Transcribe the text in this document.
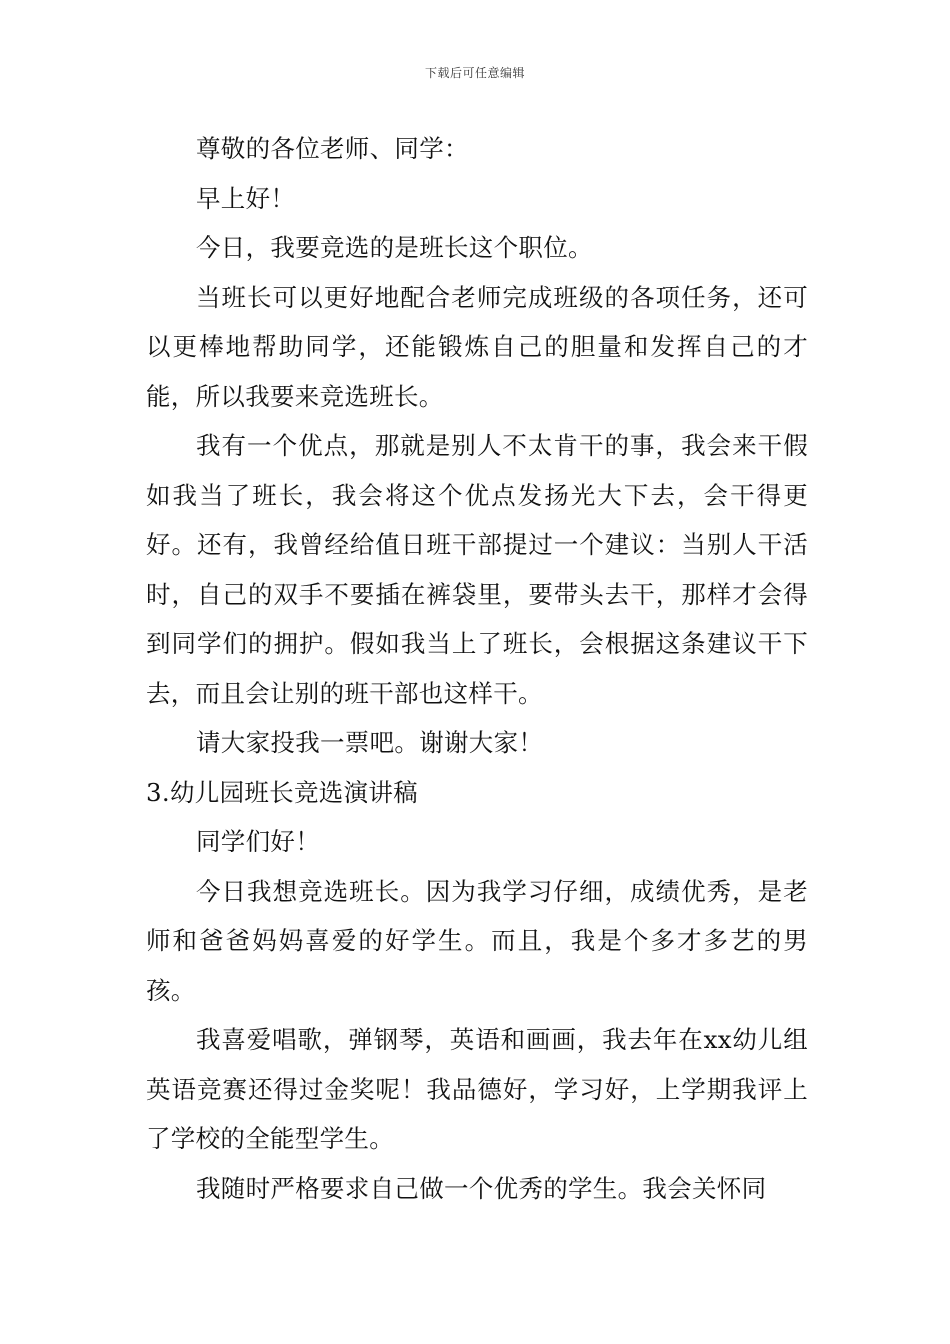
下载后可任意编辑

尊敬的各位老师、同学：

早上好！

今日，我要竞选的是班长这个职位。

当班长可以更好地配合老师完成班级的各项任务，还可以更棒地帮助同学，还能锻炼自己的胆量和发挥自己的才能，所以我要来竞选班长。

我有一个优点，那就是别人不太肯干的事，我会来干假如我当了班长，我会将这个优点发扬光大下去，会干得更好。还有，我曾经给值日班干部提过一个建议：当别人干活时，自己的双手不要插在裤袋里，要带头去干，那样才会得到同学们的拥护。假如我当上了班长，会根据这条建议干下去，而且会让别的班干部也这样干。

请大家投我一票吧。谢谢大家！

3.幼儿园班长竞选演讲稿

同学们好！

今日我想竞选班长。因为我学习仔细，成绩优秀，是老师和爸爸妈妈喜爱的好学生。而且，我是个多才多艺的男孩。

我喜爱唱歌，弹钢琴，英语和画画，我去年在xx幼儿组英语竞赛还得过金奖呢！我品德好，学习好，上学期我评上了学校的全能型学生。

我随时严格要求自己做一个优秀的学生。我会关怀同
